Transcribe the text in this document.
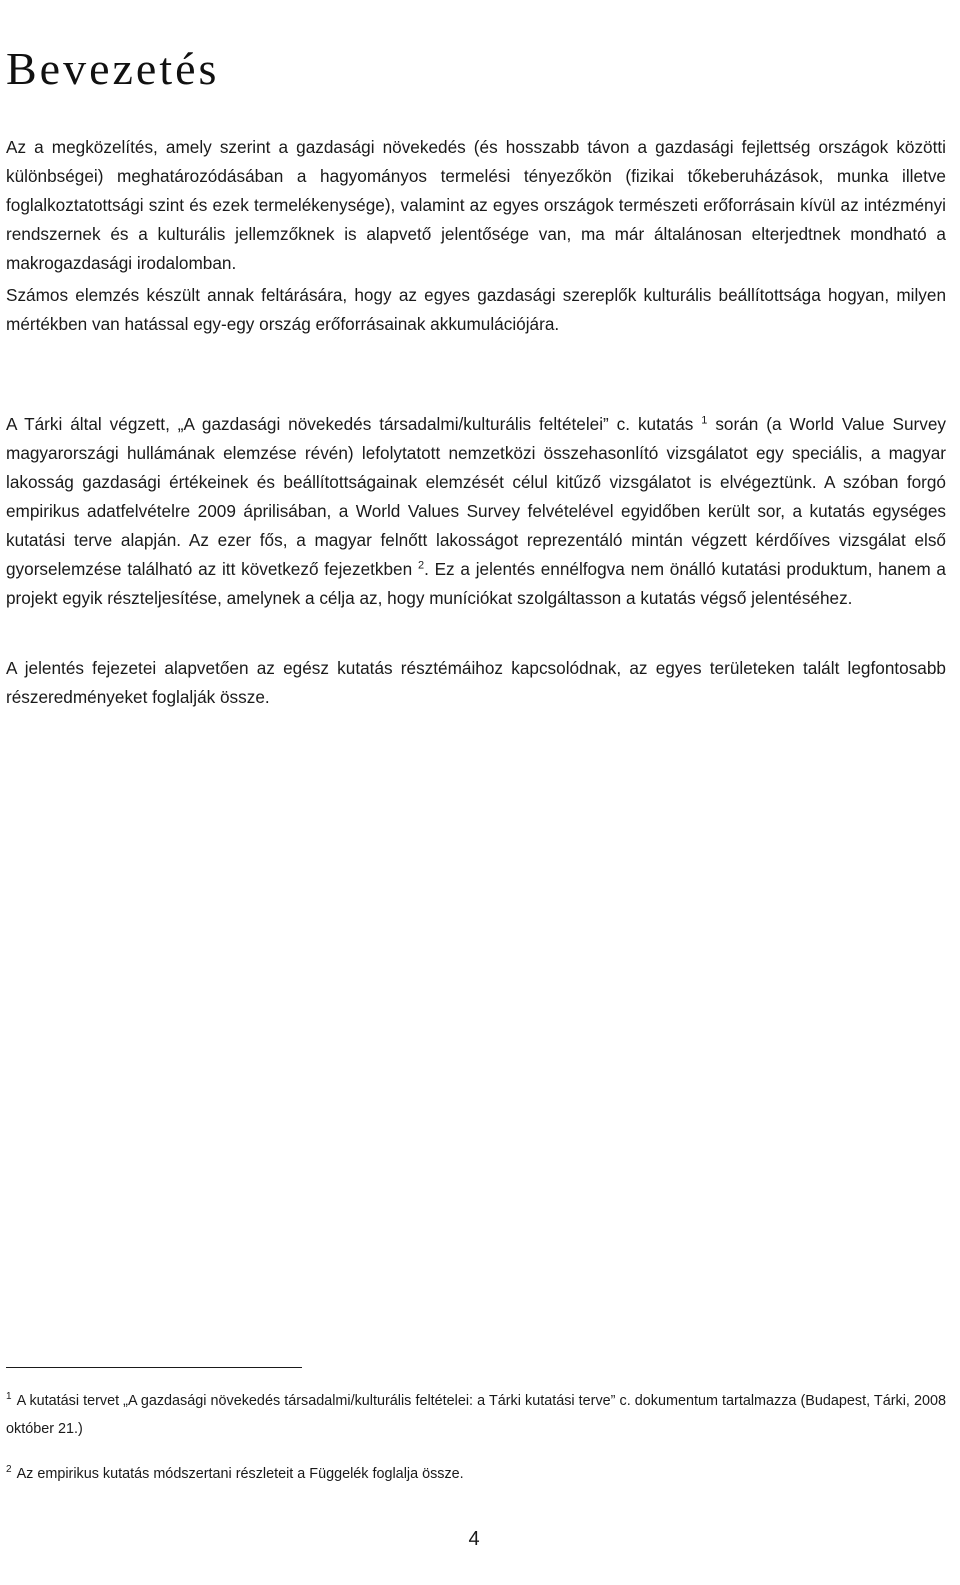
Bevezetés

Az a megközelítés, amely szerint a gazdasági növekedés (és hosszabb távon a gazdasági fejlettség országok közötti különbségei) meghatározódásában a hagyományos termelési tényezőkön (fizikai tőkeberuházások, munka illetve foglalkoztatottsági szint és ezek termelékenysége), valamint az egyes országok természeti erőforrásain kívül az intézményi rendszernek és a kulturális jellemzőknek is alapvető jelentősége van, ma már általánosan elterjedtnek mondható a makrogazdasági irodalomban.

Számos elemzés készült annak feltárására, hogy az egyes gazdasági szereplők kulturális beállítottsága hogyan, milyen mértékben van hatással egy-egy ország erőforrásainak akkumulációjára.

A Tárki által végzett, „A gazdasági növekedés társadalmi/kulturális feltételei” c. kutatás $^1$ során (a World Value Survey magyarországi hullámának elemzése révén) lefolytatott nemzetközi összehasonlító vizsgálatot egy speciális, a magyar lakosság gazdasági értékeinek és beállítottságainak elemzését célul kitűző vizsgálatot is elvégeztünk. A szóban forgó empirikus adatfelvételre 2009 áprilisában, a World Values Survey felvételével egyidőben került sor, a kutatás egységes kutatási terve alapján. Az ezer fős, a magyar felnőtt lakosságot reprezentáló mintán végzett kérdőíves vizsgálat első gyorselemzése található az itt következő fejezetkben $^2$. Ez a jelentés ennélfogva nem önálló kutatási produktum, hanem a projekt egyik részteljesítése, amelynek a célja az, hogy muníciókat szolgáltasson a kutatás végső jelentéséhez.

A jelentés fejezetei alapvetően az egész kutatás résztémáihoz kapcsolódnak, az egyes területeken talált legfontosabb részeredményeket foglalják össze.

$^1$ A kutatási tervet „A gazdasági növekedés társadalmi/kulturális feltételei: a Tárki kutatási terve” c. dokumentum tartalmazza (Budapest, Tárki, 2008 október 21.)

$^2$ Az empirikus kutatás módszertani részleteit a Függelék foglalja össze.

4
